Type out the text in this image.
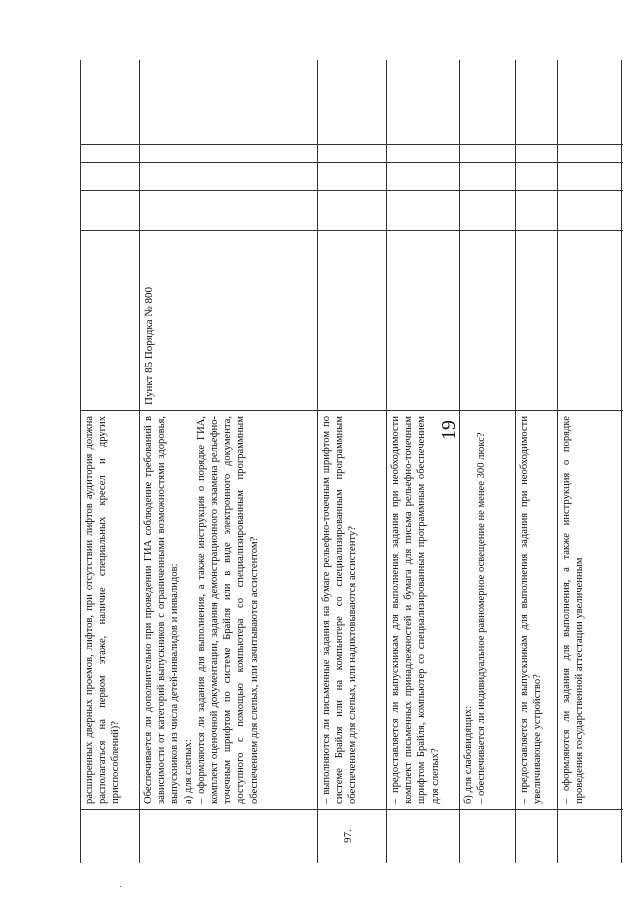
19

расширенных дверных проемов, лифтов, при отсутствии лифтов аудитория должна располагаться на первом этаже, наличие специальных кресел и других приспособлений)? Обеспечивается ли дополнительно при проведении ГИА соблюдение требований в зависимости от категорий выпускников с ограниченными возможностями здоровья, выпускников из числа детей-инвалидов и инвалидов: а) для слепых: – оформляются ли задания для выполнения, а также инструкция о порядке ГИА, комплект оценочной документации, задания демонстрационного экзамена рельефно-точечным шрифтом по системе Брайля или в виде электронного документа, доступного с помощью компьютера со специализированным программным обеспечением для слепых, или зачитываются ассистентом?

Пункт 85 Порядка № 800

97.

– выполняются ли письменные задания на бумаге рельефно-точечным шрифтом по системе Брайля или на компьютере со специализированным программным обеспечением для слепых, или надиктовываются ассистенту?	– предоставляется ли выпускникам для выполнения задания при необходимости комплект письменных принадлежностей и бумага для письма рельефно-точечным шрифтом Брайля, компьютер со специализированным программным обеспечением для слепых? б) для слабовидящих: – обеспечивается ли индивидуальное равномерное освещение не менее 300 люкс?	– предоставляется ли выпускникам для выполнения задания при необходимости увеличивающее устройство? – оформляются ли задания для выполнения, а также инструкция о порядке проведения государственной аттестации увеличенным
